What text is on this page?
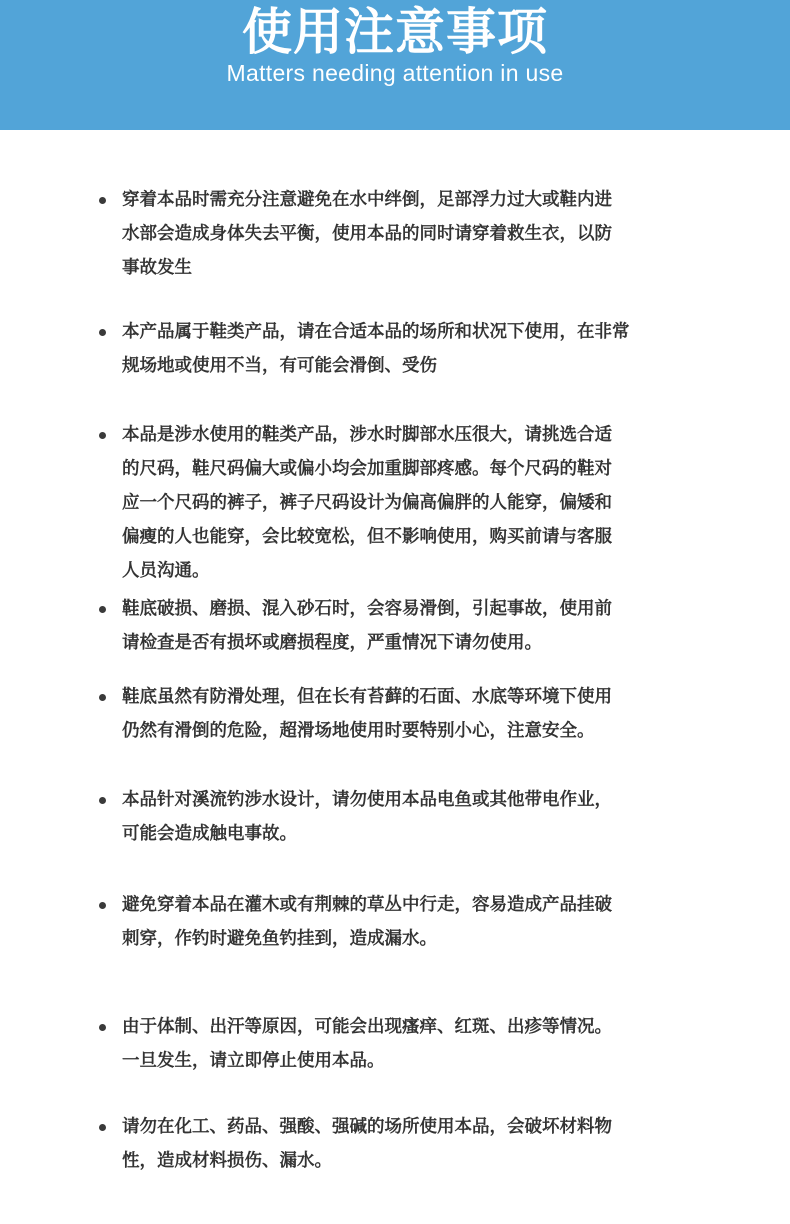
使用注意事项
Matters needing attention in use
穿着本品时需充分注意避免在水中绊倒，足部浮力过大或鞋内进
水部会造成身体失去平衡，使用本品的同时请穿着救生衣，以防
事故发生
本产品属于鞋类产品，请在合适本品的场所和状况下使用，在非常
规场地或使用不当，有可能会滑倒、受伤
本品是涉水使用的鞋类产品，涉水时脚部水压很大，请挑选合适
的尺码，鞋尺码偏大或偏小均会加重脚部疼感。每个尺码的鞋对
应一个尺码的裤子，裤子尺码设计为偏高偏胖的人能穿，偏矮和
偏瘦的人也能穿，会比较宽松，但不影响使用，购买前请与客服
人员沟通。
鞋底破损、磨损、混入砂石时，会容易滑倒，引起事故，使用前
请检查是否有损坏或磨损程度，严重情况下请勿使用。
鞋底虽然有防滑处理，但在长有苔藓的石面、水底等环境下使用
仍然有滑倒的危险，超滑场地使用时要特别小心，注意安全。
本品针对溪流钓涉水设计，请勿使用本品电鱼或其他带电作业，
可能会造成触电事故。
避免穿着本品在灌木或有荆棘的草丛中行走，容易造成产品挂破
刺穿，作钓时避免鱼钓挂到，造成漏水。
由于体制、出汗等原因，可能会出现瘙痒、红斑、出疹等情况。
一旦发生，请立即停止使用本品。
请勿在化工、药品、强酸、强碱的场所使用本品，会破坏材料物
性，造成材料损伤、漏水。
